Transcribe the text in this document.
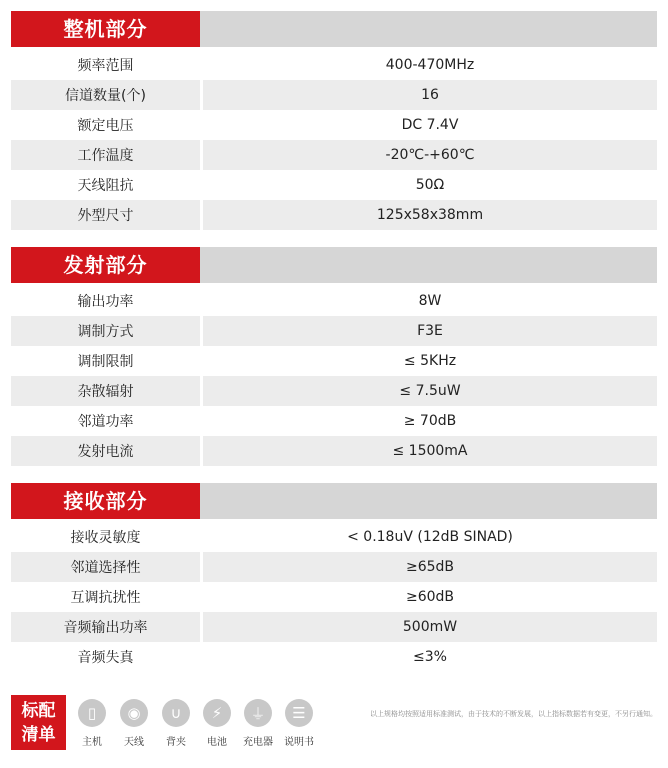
整机部分
频率范围	400-470MHz
信道数量(个)	16
额定电压	DC 7.4V
工作温度	-20℃-+60℃
天线阻抗	50Ω
外型尺寸	125x58x38mm
发射部分
输出功率	8W
调制方式	F3E
调制限制	≤ 5KHz
杂散辐射	≤ 7.5uW
邻道功率	≥ 70dB
发射电流	≤ 1500mA
接收部分
接收灵敏度	< 0.18uV (12dB SINAD)
邻道选择性	≥65dB
互调抗扰性	≥60dB
音频输出功率	500mW
音频失真	≤3%
标配
清单
▯
主机
◉
天线
∪
背夹
⚡
电池
⏚
充电器
☰
说明书
以上规格均按照适用标准测试，由于技术的不断发展，以上指标数据若有变更，不另行通知。
